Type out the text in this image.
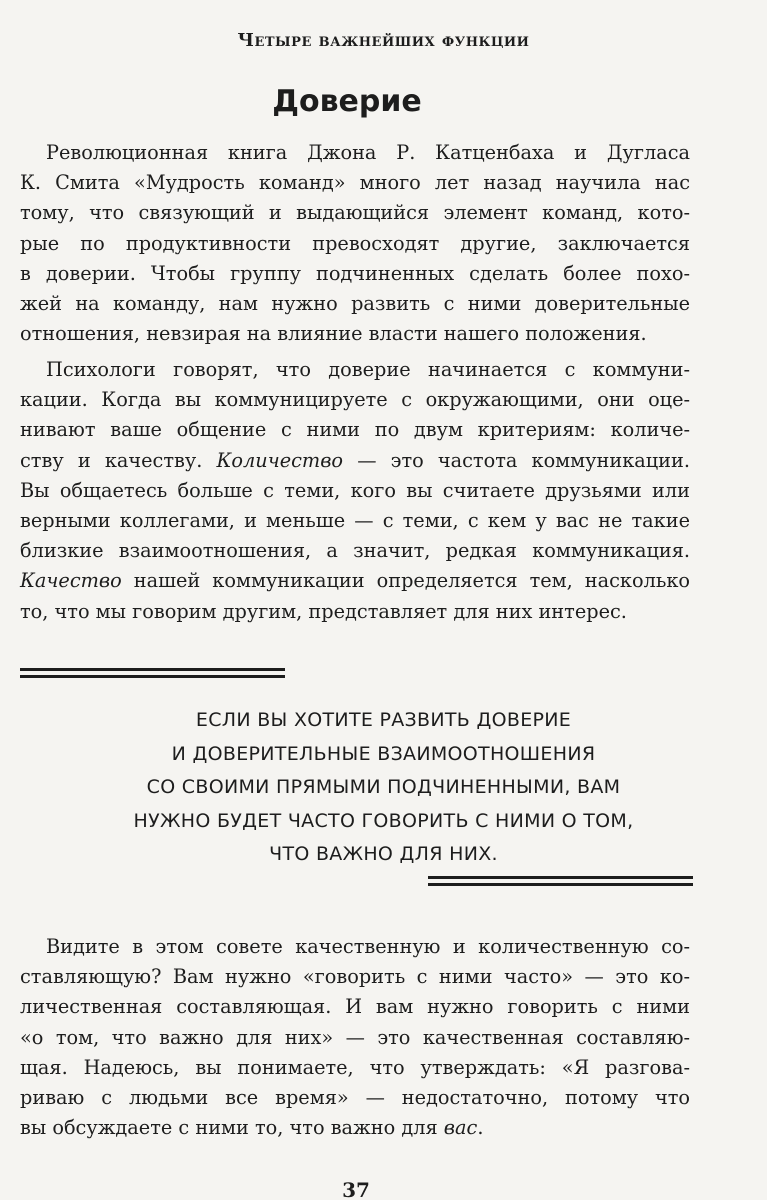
Четыре важнейших функции
Доверие
Революционная книга Джона Р. Катценбаха и Дугласа
К. Смита «Мудрость команд» много лет назад научила нас
тому, что связующий и выдающийся элемент команд, кото-
рые по продуктивности превосходят другие, заключается
в доверии. Чтобы группу подчиненных сделать более похо-
жей на команду, нам нужно развить с ними доверительные
отношения, невзирая на влияние власти нашего положения.
Психологи говорят, что доверие начинается с коммуни-
кации. Когда вы коммуницируете с окружающими, они оце-
нивают ваше общение с ними по двум критериям: количе-
ству и качеству. Количество — это частота коммуникации.
Вы общаетесь больше с теми, кого вы считаете друзьями или
верными коллегами, и меньше — с теми, с кем у вас не такие
близкие взаимоотношения, а значит, редкая коммуникация.
Качество нашей коммуникации определяется тем, насколько
то, что мы говорим другим, представляет для них интерес.
ЕСЛИ ВЫ ХОТИТЕ РАЗВИТЬ ДОВЕРИЕ
И ДОВЕРИТЕЛЬНЫЕ ВЗАИМООТНОШЕНИЯ
СО СВОИМИ ПРЯМЫМИ ПОДЧИНЕННЫМИ, ВАМ
НУЖНО БУДЕТ ЧАСТО ГОВОРИТЬ С НИМИ О ТОМ,
ЧТО ВАЖНО ДЛЯ НИХ.
Видите в этом совете качественную и количественную со-
ставляющую? Вам нужно «говорить с ними часто» — это ко-
личественная составляющая. И вам нужно говорить с ними
«о том, что важно для них» — это качественная составляю-
щая. Надеюсь, вы понимаете, что утверждать: «Я разгова-
риваю с людьми все время» — недостаточно, потому что
вы обсуждаете с ними то, что важно для вас.
37
